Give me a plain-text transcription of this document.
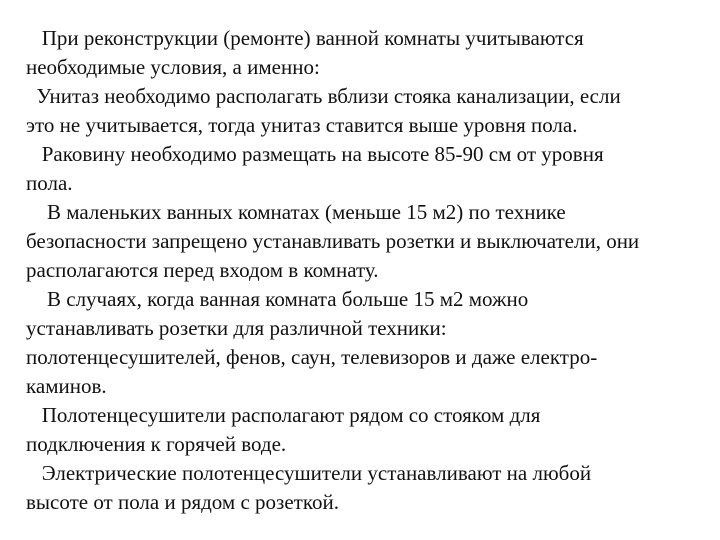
При реконструкции (ремонте) ванной комнаты учитываются
необходимые условия, а именно:
Унитаз необходимо располагать вблизи стояка канализации, если
это не учитывается, тогда унитаз ставится выше уровня пола.
Раковину необходимо размещать на высоте 85-90 см от уровня
пола.
В маленьких ванных комнатах (меньше 15 м2) по технике
безопасности запрещено устанавливать розетки и выключатели, они
располагаются перед входом в комнату.
В случаях, когда ванная комната больше 15 м2 можно
устанавливать розетки для различной техники:
полотенцесушителей, фенов, саун, телевизоров и даже електро-
каминов.
Полотенцесушители располагают рядом со стояком для
подключения к горячей воде.
Электрические полотенцесушители устанавливают на любой
высоте от пола и рядом с розеткой.
